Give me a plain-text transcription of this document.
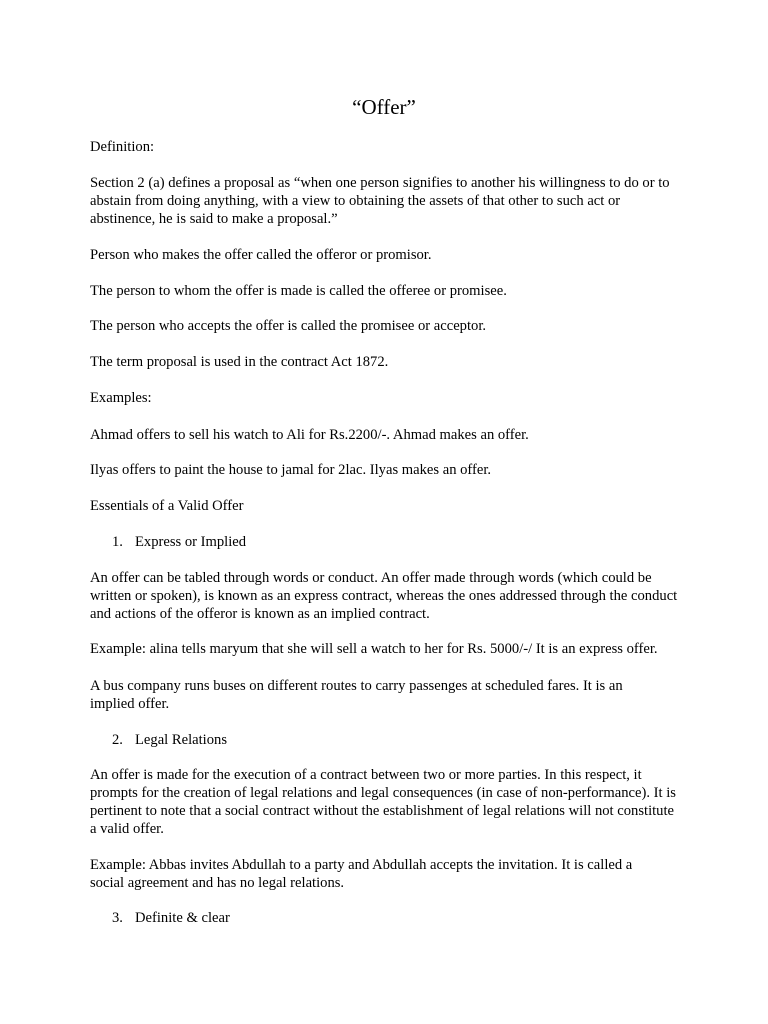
“Offer”

Definition:

Section 2 (a) defines a proposal as “when one person signifies to another his willingness to do or to abstain from doing anything, with a view to obtaining the assets of that other to such act or abstinence, he is said to make a proposal.”

Person who makes the offer called the offeror or promisor.

The person to whom the offer is made is called the offeree or promisee.

The person who accepts the offer is called the promisee or acceptor.

The term proposal is used in the contract Act 1872.

Examples:

Ahmad offers to sell his watch to Ali for Rs.2200/-. Ahmad makes an offer.

Ilyas offers to paint the house to jamal for 2lac. Ilyas makes an offer.

Essentials of a Valid Offer

1. Express or Implied

An offer can be tabled through words or conduct. An offer made through words (which could be written or spoken), is known as an express contract, whereas the ones addressed through the conduct and actions of the offeror is known as an implied contract.

Example: alina tells maryum that she will sell a watch to her for Rs. 5000/-/ It is an express offer.

A bus company runs buses on different routes to carry passenges at scheduled fares. It is an implied offer.

2. Legal Relations

An offer is made for the execution of a contract between two or more parties. In this respect, it prompts for the creation of legal relations and legal consequences (in case of non-performance). It is pertinent to note that a social contract without the establishment of legal relations will not constitute a valid offer.

Example: Abbas invites Abdullah to a party and Abdullah accepts the invitation. It is called a social agreement and has no legal relations.

3. Definite & clear
